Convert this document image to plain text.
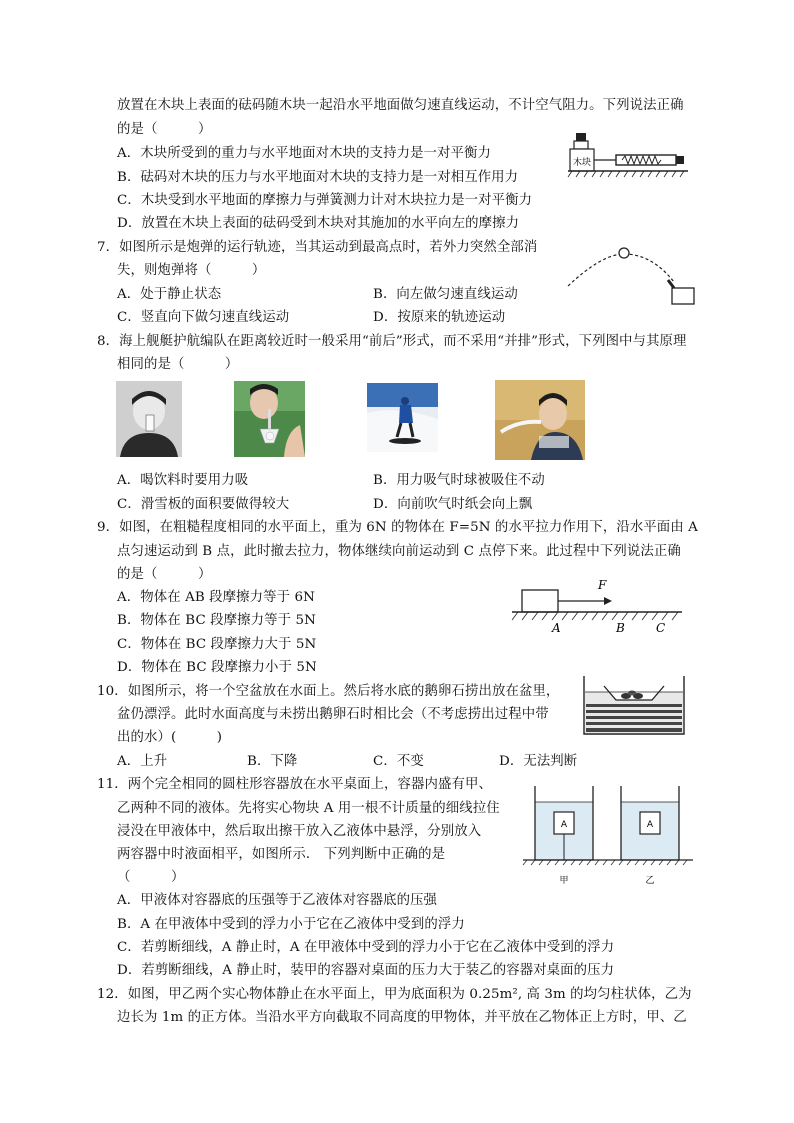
放置在木块上表面的砝码随木块一起沿水平地面做匀速直线运动，不计空气阻力。下列说法正确
的是（　　　）
A．木块所受到的重力与水平地面对木块的支持力是一对平衡力
B．砝码对木块的压力与水平地面对木块的支持力是一对相互作用力
C．木块受到水平地面的摩擦力与弹簧测力计对木块拉力是一对平衡力
D．放置在木块上表面的砝码受到木块对其施加的水平向左的摩擦力
木块
7．如图所示是炮弹的运行轨迹，当其运动到最高点时，若外力突然全部消
失，则炮弹将（　　　）
A．处于静止状态	B．向左做匀速直线运动
C．竖直向下做匀速直线运动	D．按原来的轨迹运动
8．海上舰艇护航编队在距离较近时一般采用“前后”形式，而不采用“并排”形式，下列图中与其原理
相同的是（　　　）
A．喝饮料时要用力吸	B．用力吸气时球被吸住不动
C．滑雪板的面积要做得较大	D．向前吹气时纸会向上飘
9．如图，在粗糙程度相同的水平面上，重为 6N 的物体在 F=5N 的水平拉力作用下，沿水平面由 A
点匀速运动到 B 点，此时撤去拉力，物体继续向前运动到 C 点停下来。此过程中下列说法正确
的是（　　　）
A．物体在 AB 段摩擦力等于 6N
B．物体在 BC 段摩擦力等于 5N
C．物体在 BC 段摩擦力大于 5N
D．物体在 BC 段摩擦力小于 5N
F
A	B	C
10．如图所示，将一个空盆放在水面上。然后将水底的鹅卵石捞出放在盆里，
盆仍漂浮。此时水面高度与未捞出鹅卵石时相比会（不考虑捞出过程中带
出的水）(　　　)
A．上升	B．下降	C．不变	D．无法判断
11．两个完全相同的圆柱形容器放在水平桌面上，容器内盛有甲、
乙两种不同的液体。先将实心物块 A 用一根不计质量的细线拉住
浸没在甲液体中，然后取出擦干放入乙液体中悬浮，分别放入
两容器中时液面相平，如图所示． 下列判断中正确的是
（　　　）
A．甲液体对容器底的压强等于乙液体对容器底的压强
B．A 在甲液体中受到的浮力小于它在乙液体中受到的浮力
C．若剪断细线，A 静止时，A 在甲液体中受到的浮力小于它在乙液体中受到的浮力
D．若剪断细线，A 静止时，装甲的容器对桌面的压力大于装乙的容器对桌面的压力
A	A
甲	乙
12．如图，甲乙两个实心物体静止在水平面上，甲为底面积为 0.25m², 高 3m 的均匀柱状体，乙为
边长为 1m 的正方体。当沿水平方向截取不同高度的甲物体，并平放在乙物体正上方时，甲、乙
